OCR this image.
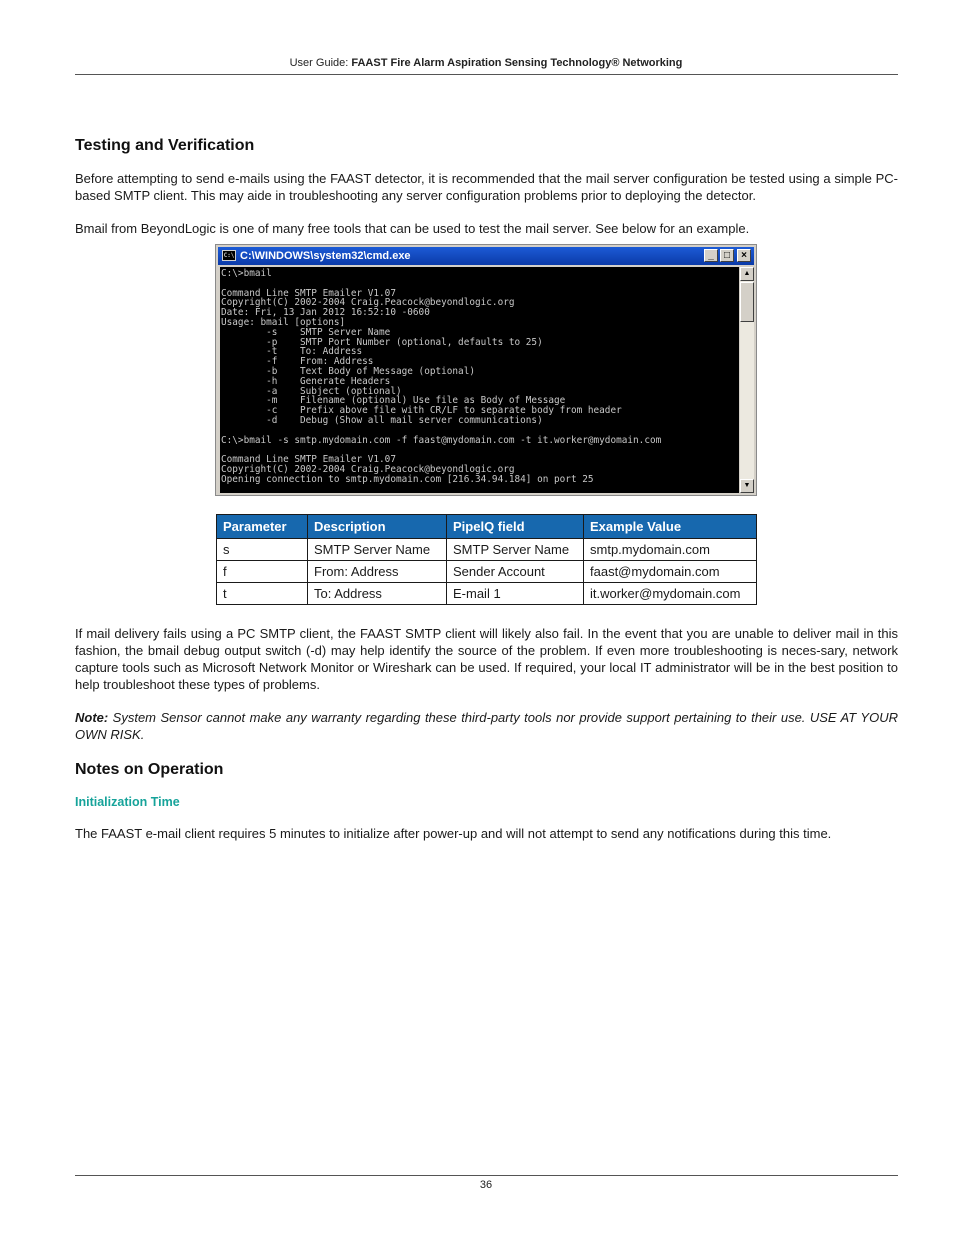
User Guide: FAAST Fire Alarm Aspiration Sensing Technology® Networking
Testing and Verification

Before attempting to send e-mails using the FAAST detector, it is recommended that the mail server configuration be tested using a simple PC-based SMTP client. This may aide in troubleshooting any server configuration problems prior to deploying the detector.

Bmail from BeyondLogic is one of many free tools that can be used to test the mail server. See below for an example.

C:\ C:\WINDOWS\system32\cmd.exe	_	□	×
C:\>bmail

Command Line SMTP Emailer V1.07
Copyright(C) 2002-2004 Craig.Peacock@beyondlogic.org
Date: Fri, 13 Jan 2012 16:52:10 -0600
Usage: bmail [options]
-s    SMTP Server Name
-p    SMTP Port Number (optional, defaults to 25)
-t    To: Address
-f    From: Address
-b    Text Body of Message (optional)
-h    Generate Headers
-a    Subject (optional)
-m    Filename (optional) Use file as Body of Message
-c    Prefix above file with CR/LF to separate body from header
-d    Debug (Show all mail server communications)

C:\>bmail -s smtp.mydomain.com -f faast@mydomain.com -t it.worker@mydomain.com

Command Line SMTP Emailer V1.07
Copyright(C) 2002-2004 Craig.Peacock@beyondlogic.org
Opening connection to smtp.mydomain.com [216.34.94.184] on port 25
▲
▼
Parameter	Description	PipelQ field	Example Value
s	SMTP Server Name	SMTP Server Name	smtp.mydomain.com
f	From: Address	Sender Account	faast@mydomain.com
t	To: Address	E-mail 1	it.worker@mydomain.com

If mail delivery fails using a PC SMTP client, the FAAST SMTP client will likely also fail. In the event that you are unable to deliver mail in this fashion, the bmail debug output switch (-d) may help identify the source of the problem. If even more troubleshooting is neces-sary, network capture tools such as Microsoft Network Monitor or Wireshark can be used. If required, your local IT administrator will be in the best position to help troubleshoot these types of problems.

Note: System Sensor cannot make any warranty regarding these third-party tools nor provide support pertaining to their use. USE AT YOUR OWN RISK.

Notes on Operation
Initialization Time

The FAAST e-mail client requires 5 minutes to initialize after power-up and will not attempt to send any notifications during this time.

36
